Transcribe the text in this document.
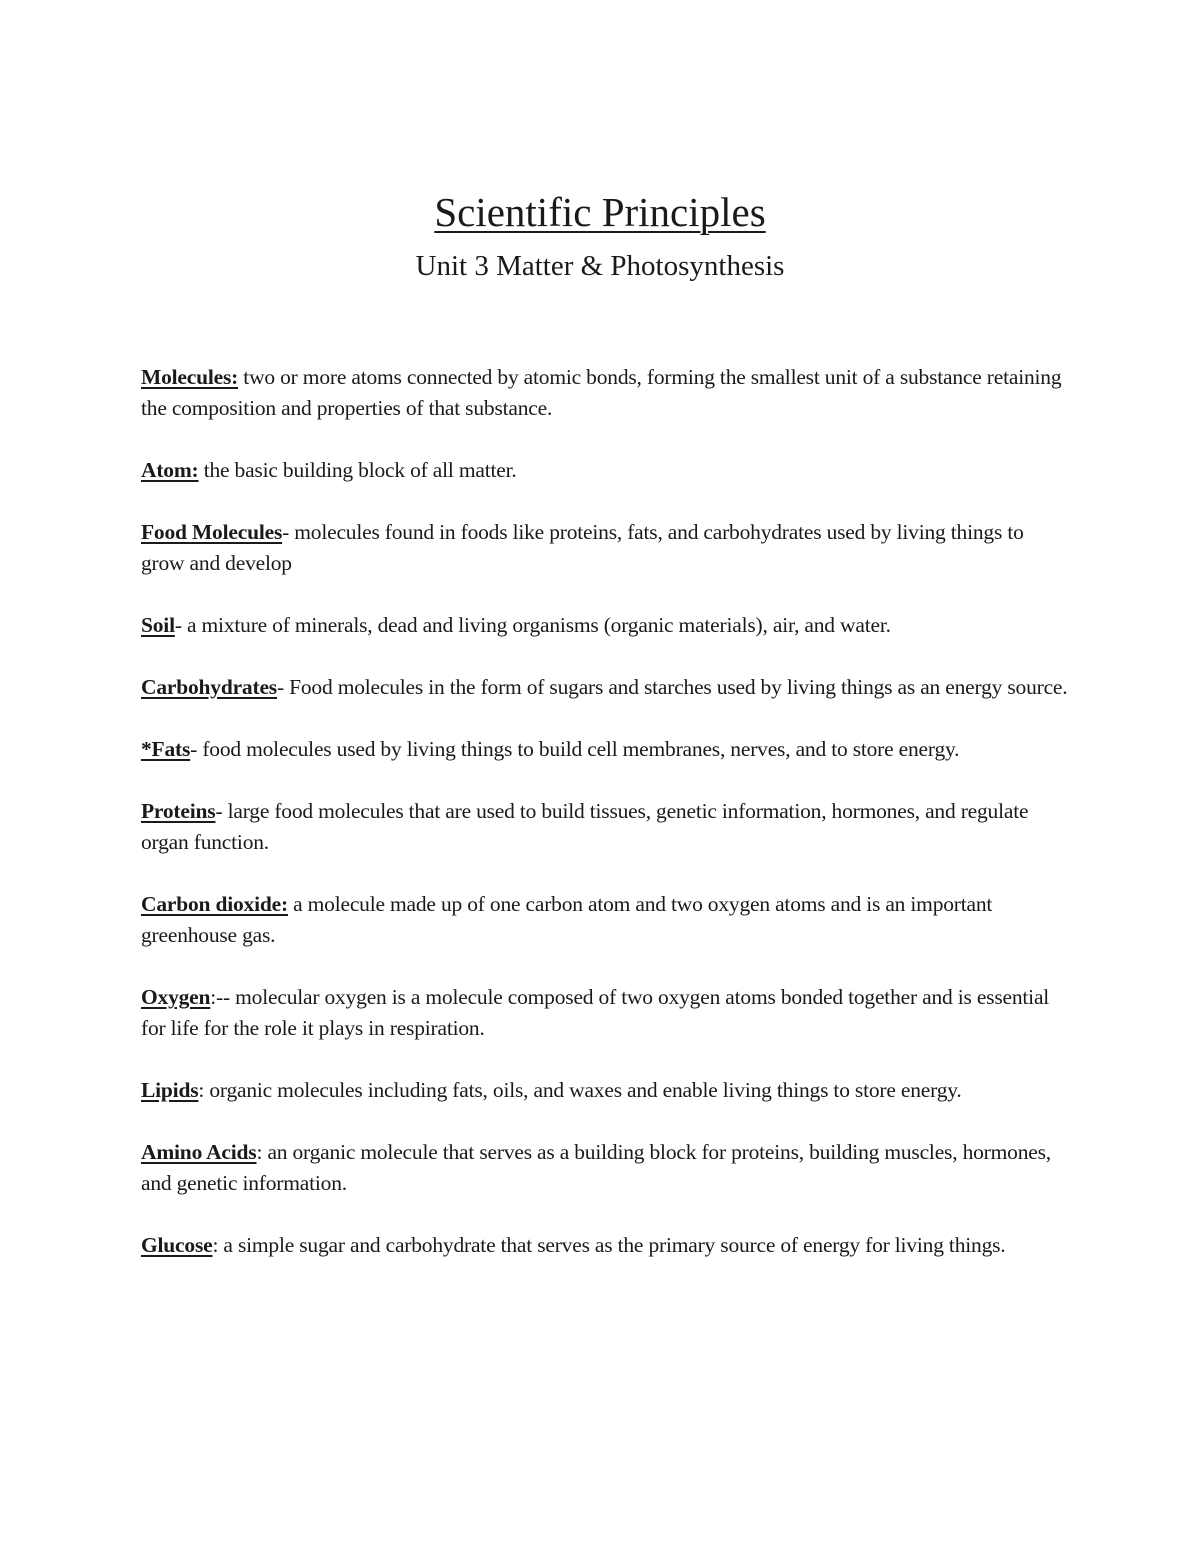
Scientific Principles
Unit 3 Matter & Photosynthesis

Molecules: two or more atoms connected by atomic bonds, forming the smallest unit of a substance retaining the composition and properties of that substance.

Atom: the basic building block of all matter.

Food Molecules- molecules found in foods like proteins, fats, and carbohydrates used by living things to grow and develop

Soil- a mixture of minerals, dead and living organisms (organic materials), air, and water.

Carbohydrates- Food molecules in the form of sugars and starches used by living things as an energy source.

*Fats- food molecules used by living things to build cell membranes, nerves, and to store energy.

Proteins- large food molecules that are used to build tissues, genetic information, hormones, and regulate organ function.

Carbon dioxide: a molecule made up of one carbon atom and two oxygen atoms and is an important greenhouse gas.

Oxygen:-- molecular oxygen is a molecule composed of two oxygen atoms bonded together and is essential for life for the role it plays in respiration.

Lipids: organic molecules including fats, oils, and waxes and enable living things to store energy.

Amino Acids: an organic molecule that serves as a building block for proteins, building muscles, hormones, and genetic information.

Glucose: a simple sugar and carbohydrate that serves as the primary source of energy for living things.
